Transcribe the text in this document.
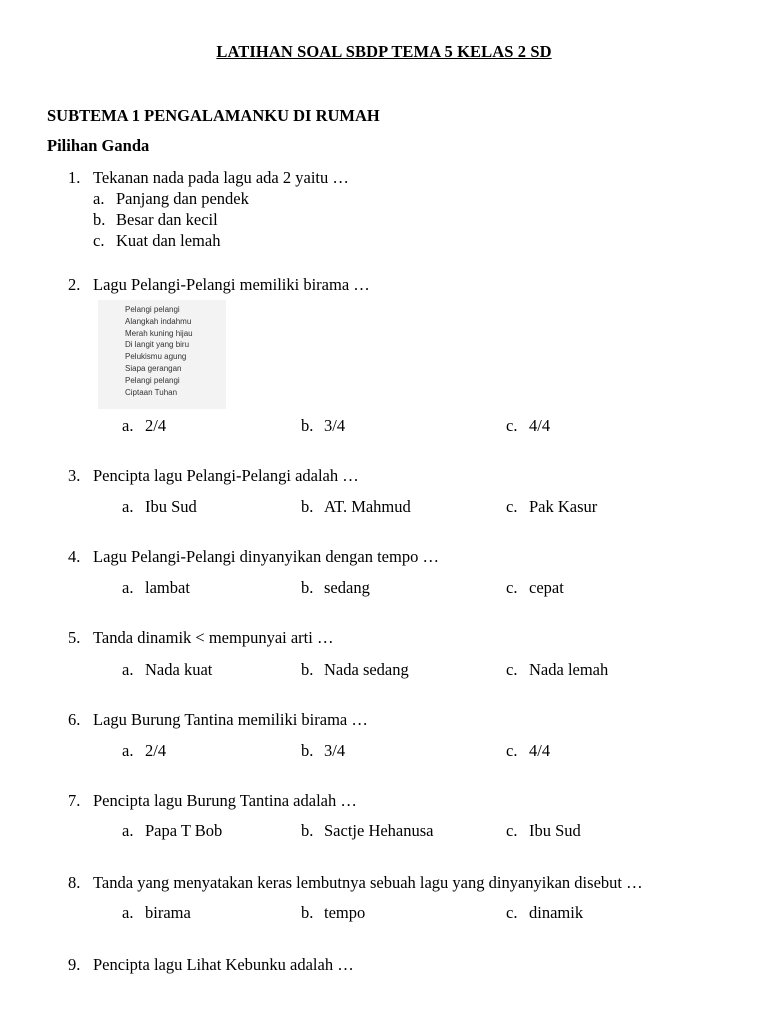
LATIHAN SOAL SBDP TEMA 5 KELAS 2 SD
SUBTEMA 1 PENGALAMANKU DI RUMAH
Pilihan Ganda
1. Tekanan nada pada lagu ada 2 yaitu …
a. Panjang dan pendek
b. Besar dan kecil
c. Kuat dan lemah
2. Lagu Pelangi-Pelangi memiliki birama …
Pelangi pelangi
Alangkah indahmu
Merah kuning hijau
Di langit yang biru
Pelukismu agung
Siapa gerangan
Pelangi pelangi
Ciptaan Tuhan
a. 2/4	b. 3/4	c. 4/4
3. Pencipta lagu Pelangi-Pelangi adalah …
a. Ibu Sud	b. AT. Mahmud	c. Pak Kasur
4. Lagu Pelangi-Pelangi dinyanyikan dengan tempo …
a. lambat	b. sedang	c. cepat
5. Tanda dinamik < mempunyai arti …
a. Nada kuat	b. Nada sedang	c. Nada lemah
6. Lagu Burung Tantina memiliki birama …
a. 2/4	b. 3/4	c. 4/4
7. Pencipta lagu Burung Tantina adalah …
a. Papa T Bob	b. Sactje Hehanusa	c. Ibu Sud
8. Tanda yang menyatakan keras lembutnya sebuah lagu yang dinyanyikan disebut …
a. birama	b. tempo	c. dinamik
9. Pencipta lagu Lihat Kebunku adalah …
